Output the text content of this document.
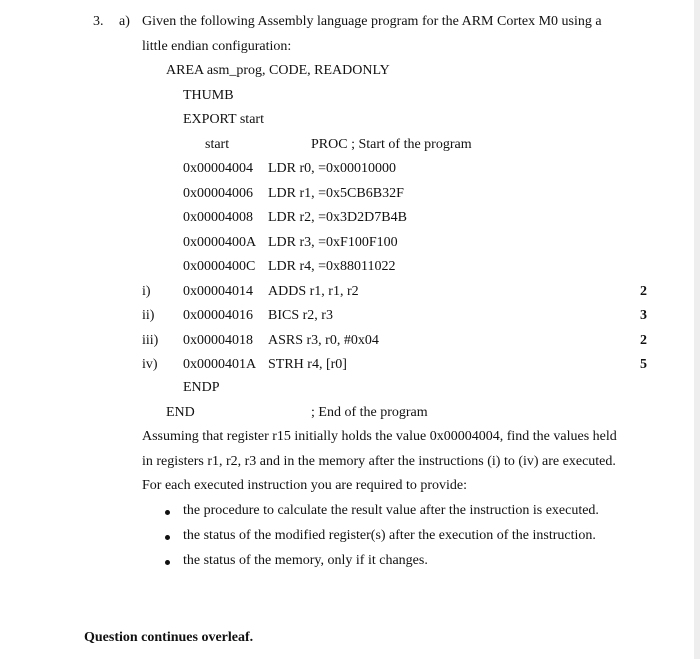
3. a) Given the following Assembly language program for the ARM Cortex M0 using a
little endian configuration:
AREA asm_prog, CODE, READONLY
THUMB
EXPORT start
start	PROC ; Start of the program
0x00004004 LDR r0, =0x00010000
0x00004006 LDR r1, =0x5CB6B32F
0x00004008 LDR r2, =0x3D2D7B4B
0x0000400A LDR r3, =0xF100F100
0x0000400C LDR r4, =0x88011022
i) 0x00004014 ADDS r1, r1, r2	2
ii) 0x00004016 BICS r2, r3	3
iii) 0x00004018 ASRS r3, r0, #0x04	2
iv) 0x0000401A STRH r4, [r0]	5
ENDP
END	; End of the program
Assuming that register r15 initially holds the value 0x00004004, find the values held
in registers r1, r2, r3 and in the memory after the instructions (i) to (iv) are executed.
For each executed instruction you are required to provide:
the procedure to calculate the result value after the instruction is executed.
the status of the modified register(s) after the execution of the instruction.
the status of the memory, only if it changes.
Question continues overleaf.
